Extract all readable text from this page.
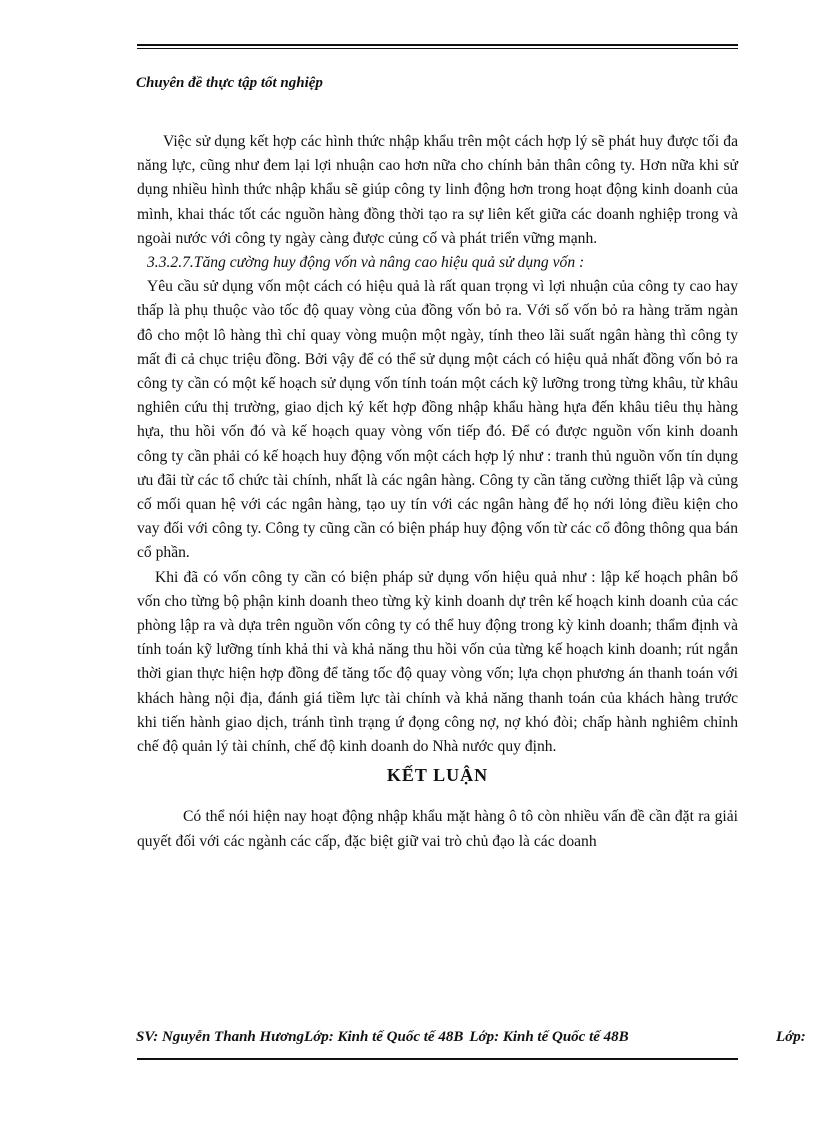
Chuyên đề thực tập tốt nghiệp

Việc sử dụng kết hợp các hình thức nhập khẩu trên một cách hợp lý sẽ phát huy được tối đa năng lực, cũng như đem lại lợi nhuận cao hơn nữa cho chính bản thân công ty. Hơn nữa khi sử dụng nhiều hình thức nhập khẩu sẽ giúp công ty linh động hơn trong hoạt động kinh doanh của mình, khai thác tốt các nguồn hàng đồng thời tạo ra sự liên kết giữa các doanh nghiệp trong và ngoài nước với công ty ngày càng được củng cố và phát triển vững mạnh.

3.3.2.7.Tăng cường huy động vốn và nâng cao hiệu quả sử dụng vốn :

Yêu cầu sử dụng vốn một cách có hiệu quả là rất quan trọng vì lợi nhuận của công ty cao hay thấp là phụ thuộc vào tốc độ quay vòng của đồng vốn bỏ ra. Với số vốn bỏ ra hàng trăm ngàn đô cho một lô hàng thì chỉ quay vòng muộn một ngày, tính theo lãi suất ngân hàng thì công ty mất đi cả chục triệu đồng. Bởi vậy để có thể sử dụng một cách có hiệu quả nhất đồng vốn bỏ ra công ty cần có một kế hoạch sử dụng vốn tính toán một cách kỹ lưỡng trong từng khâu, từ khâu nghiên cứu thị trường, giao dịch ký kết hợp đồng nhập khẩu hàng hựa đến khâu tiêu thụ hàng hựa, thu hồi vốn đó và kế hoạch quay vòng vốn tiếp đó. Để có được nguồn vốn kinh doanh công ty cần phải có kế hoạch huy động vốn một cách hợp lý như : tranh thủ nguồn vốn tín dụng ưu đãi từ các tổ chức tài chính, nhất là các ngân hàng. Công ty cần tăng cường thiết lập và củng cố mối quan hệ với các ngân hàng, tạo uy tín với các ngân hàng để họ nới lỏng điều kiện cho vay đối với công ty. Công ty cũng cần có biện pháp huy động vốn từ các cổ đông thông qua bán cổ phần.

Khi đã có vốn công ty cần có biện pháp sử dụng vốn hiệu quả như : lập kế hoạch phân bổ vốn cho từng bộ phận kinh doanh theo từng kỳ kinh doanh dự trên kế hoạch kinh doanh của các phòng lập ra và dựa trên nguồn vốn công ty có thể huy động trong kỳ kinh doanh; thẩm định và tính toán kỹ lưỡng tính khả thi và khả năng thu hồi vốn của từng kế hoạch kinh doanh; rút ngắn thời gian thực hiện hợp đồng để tăng tốc độ quay vòng vốn; lựa chọn phương án thanh toán với khách hàng nội địa, đánh giá tiềm lực tài chính và khả năng thanh toán của khách hàng trước khi tiến hành giao dịch, tránh tình trạng ứ đọng công nợ, nợ khó đòi; chấp hành nghiêm chỉnh chế độ quản lý tài chính, chế độ kinh doanh do Nhà nước quy định.

KẾT LUẬN

Có thể nói hiện nay hoạt động nhập khẩu mặt hàng ô tô còn nhiều vấn đề cần đặt ra giải quyết đối với các ngành các cấp, đặc biệt giữ vai trò chủ đạo là các doanh

SV: Nguyễn Thanh HươngLớp: Kinh tế Quốc tế 48B Lớp: Kinh tế Quốc tế 48B	Lớp:
